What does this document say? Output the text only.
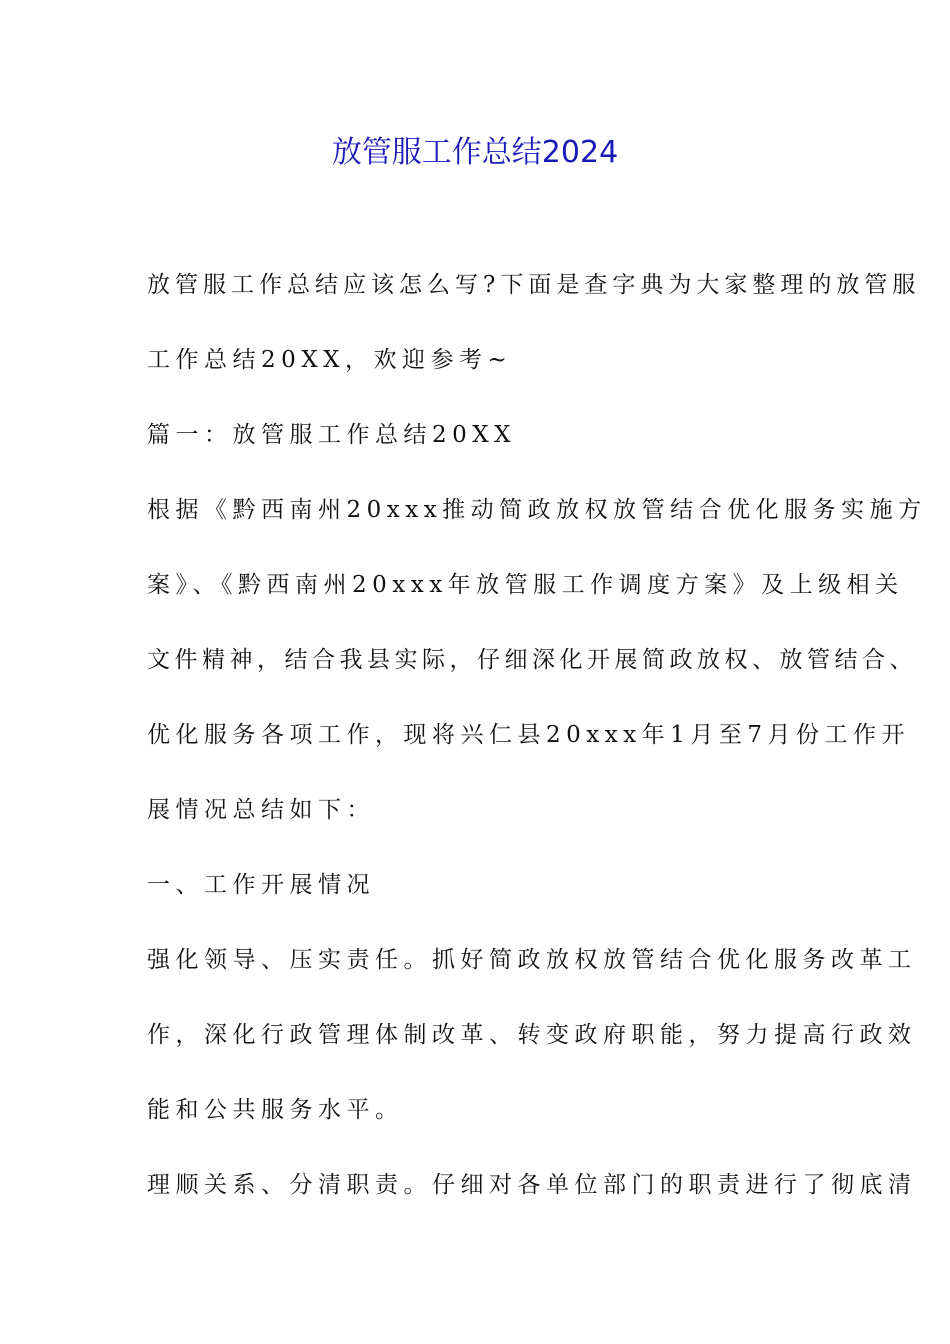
放管服工作总结2024
放管服工作总结应该怎么写?下面是查字典为大家整理的放管服
工作总结20XX，欢迎参考~
篇一：放管服工作总结20XX
根据《黔西南州20xxx推动简政放权放管结合优化服务实施方
案》、《黔西南州20xxx年放管服工作调度方案》及上级相关
文件精神，结合我县实际，仔细深化开展简政放权、放管结合、
优化服务各项工作，现将兴仁县20xxx年1月至7月份工作开
展情况总结如下：
一、工作开展情况
强化领导、压实责任。抓好简政放权放管结合优化服务改革工
作，深化行政管理体制改革、转变政府职能，努力提高行政效
能和公共服务水平。
理顺关系、分清职责。仔细对各单位部门的职责进行了彻底清
